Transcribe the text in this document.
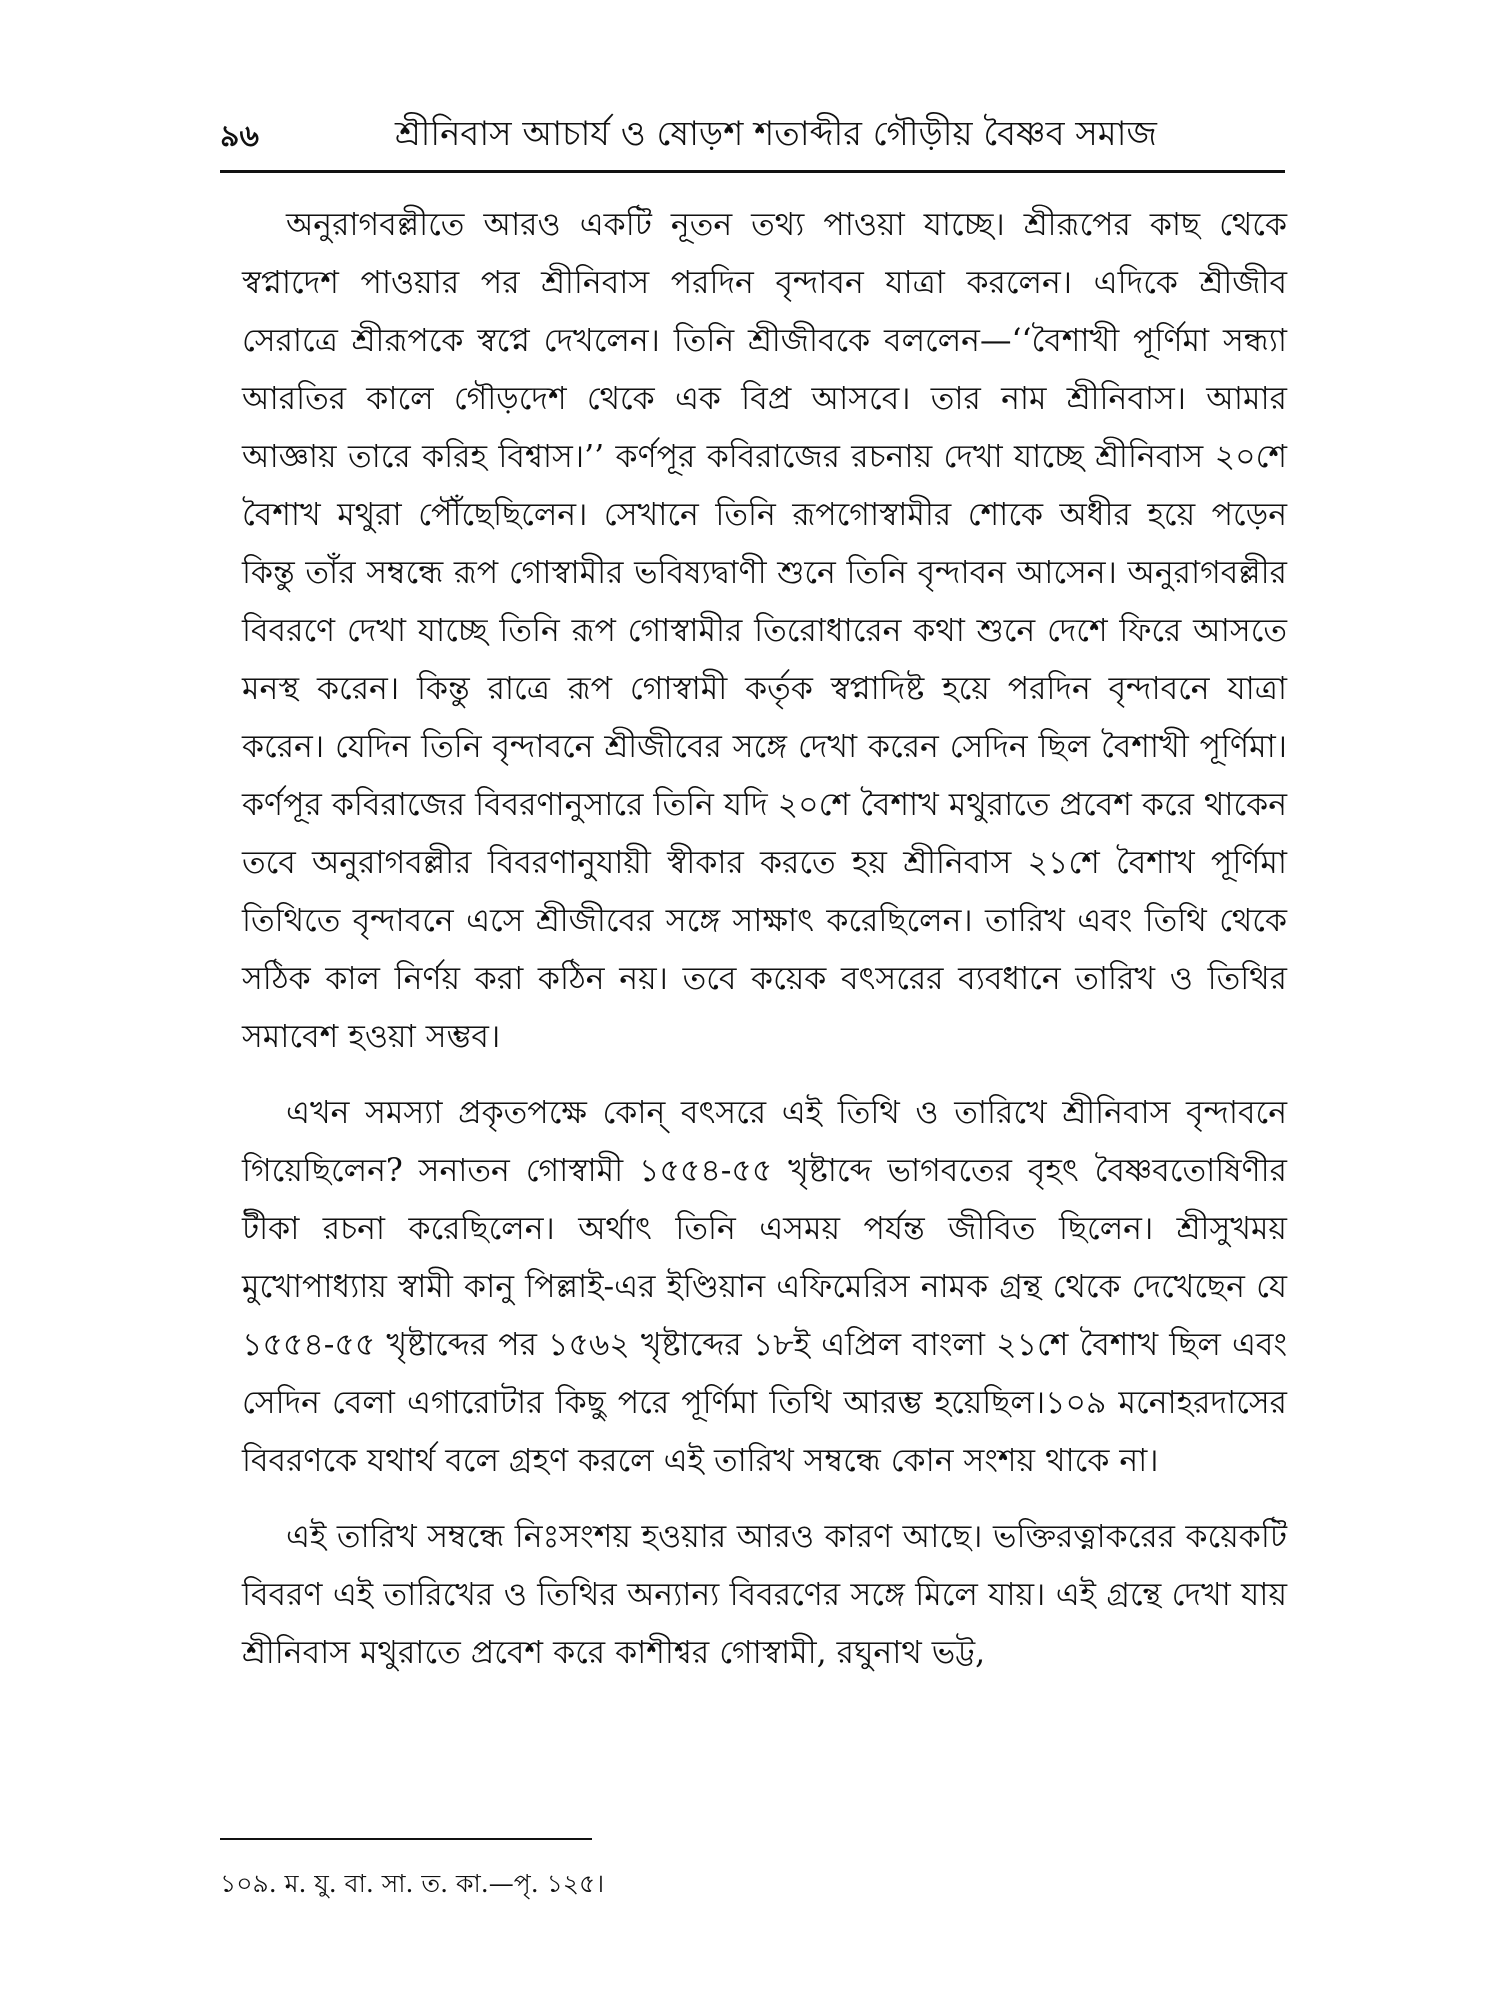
৯৬	শ্রীনিবাস আচার্য ও ষোড়শ শতাব্দীর গৌড়ীয় বৈষ্ণব সমাজ

অনুরাগবল্লীতে আরও একটি নূতন তথ্য পাওয়া যাচ্ছে। শ্রীরূপের কাছ থেকে স্বপ্নাদেশ পাওয়ার পর শ্রীনিবাস পরদিন বৃন্দাবন যাত্রা করলেন। এদিকে শ্রীজীব সেরাত্রে শ্রীরূপকে স্বপ্নে দেখলেন। তিনি শ্রীজীবকে বললেন—‘‘বৈশাখী পূর্ণিমা সন্ধ্যা আরতির কালে গৌড়দেশ থেকে এক বিপ্র আসবে। তার নাম শ্রীনিবাস। আমার আজ্ঞায় তারে করিহ বিশ্বাস।’’ কর্ণপূর কবিরাজের রচনায় দেখা যাচ্ছে শ্রীনিবাস ২০শে বৈশাখ মথুরা পৌঁছেছিলেন। সেখানে তিনি রূপগোস্বামীর শোকে অধীর হয়ে পড়েন কিন্তু তাঁর সম্বন্ধে রূপ গোস্বামীর ভবিষ্যদ্বাণী শুনে তিনি বৃন্দাবন আসেন। অনুরাগবল্লীর বিবরণে দেখা যাচ্ছে তিনি রূপ গোস্বামীর তিরোধারেন কথা শুনে দেশে ফিরে আসতে মনস্থ করেন। কিন্তু রাত্রে রূপ গোস্বামী কর্তৃক স্বপ্নাদিষ্ট হয়ে পরদিন বৃন্দাবনে যাত্রা করেন। যেদিন তিনি বৃন্দাবনে শ্রীজীবের সঙ্গে দেখা করেন সেদিন ছিল বৈশাখী পূর্ণিমা। কর্ণপূর কবিরাজের বিবরণানুসারে তিনি যদি ২০শে বৈশাখ মথুরাতে প্রবেশ করে থাকেন তবে অনুরাগবল্লীর বিবরণানুযায়ী স্বীকার করতে হয় শ্রীনিবাস ২১শে বৈশাখ পূর্ণিমা তিথিতে বৃন্দাবনে এসে শ্রীজীবের সঙ্গে সাক্ষাৎ করেছিলেন। তারিখ এবং তিথি থেকে সঠিক কাল নির্ণয় করা কঠিন নয়। তবে কয়েক বৎসরের ব্যবধানে তারিখ ও তিথির সমাবেশ হওয়া সম্ভব।

এখন সমস্যা প্রকৃতপক্ষে কোন্ বৎসরে এই তিথি ও তারিখে শ্রীনিবাস বৃন্দাবনে গিয়েছিলেন? সনাতন গোস্বামী ১৫৫৪-৫৫ খৃষ্টাব্দে ভাগবতের বৃহৎ বৈষ্ণবতোষিণীর টীকা রচনা করেছিলেন। অর্থাৎ তিনি এসময় পর্যন্ত জীবিত ছিলেন। শ্রীসুখময় মুখোপাধ্যায় স্বামী কানু পিল্লাই-এর ইণ্ডিয়ান এফিমেরিস নামক গ্রন্থ থেকে দেখেছেন যে ১৫৫৪-৫৫ খৃষ্টাব্দের পর ১৫৬২ খৃষ্টাব্দের ১৮ই এপ্রিল বাংলা ২১শে বৈশাখ ছিল এবং সেদিন বেলা এগারোটার কিছু পরে পূর্ণিমা তিথি আরম্ভ হয়েছিল।১০৯ মনোহরদাসের বিবরণকে যথার্থ বলে গ্রহণ করলে এই তারিখ সম্বন্ধে কোন সংশয় থাকে না।

এই তারিখ সম্বন্ধে নিঃসংশয় হওয়ার আরও কারণ আছে। ভক্তিরত্নাকরের কয়েকটি বিবরণ এই তারিখের ও তিথির অন্যান্য বিবরণের সঙ্গে মিলে যায়। এই গ্রন্থে দেখা যায় শ্রীনিবাস মথুরাতে প্রবেশ করে কাশীশ্বর গোস্বামী, রঘুনাথ ভট্ট,

১০৯. ম. যু. বা. সা. ত. কা.—পৃ. ১২৫।
